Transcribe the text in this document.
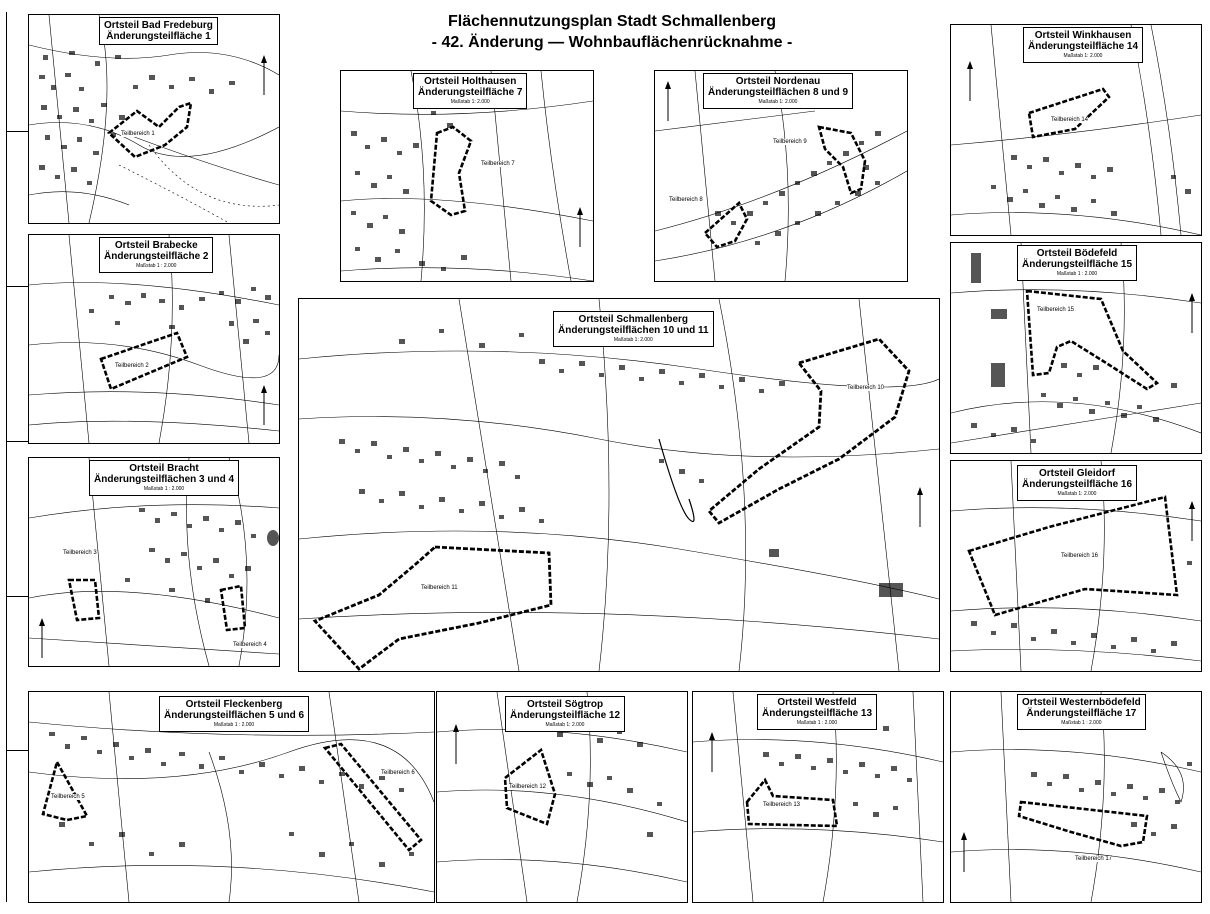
Flächennutzungsplan Stadt Schmallenberg
- 42. Änderung — Wohnbauflächenrücknahme -
Ortsteil Bad Fredeburg
Änderungsteilfläche 1
Teilbereich 1
Ortsteil Brabecke
Änderungsteilfläche 2
Maßstab 1 : 2.000
Teilbereich 2
Ortsteil Bracht
Änderungsteilflächen 3 und 4
Maßstab 1 : 2.000
Teilbereich 3
Teilbereich 4
Ortsteil Fleckenberg
Änderungsteilflächen 5 und 6
Maßstab 1 : 2.000
Teilbereich 5
Teilbereich 6
Ortsteil Holthausen
Änderungsteilfläche 7
Maßstab 1: 2.000
Teilbereich 7
Ortsteil Nordenau
Änderungsteilflächen 8 und 9
Maßstab 1: 2.000
Teilbereich 8
Teilbereich 9
Ortsteil Schmallenberg
Änderungsteilflächen 10 und 11
Maßstab 1: 2.000
Teilbereich 10
Teilbereich 11
Ortsteil Sögtrop
Änderungsteilfläche 12
Maßstab 1: 2.000
Teilbereich 12
Ortsteil Westfeld
Änderungsteilfläche 13
Maßstab 1 : 2.000
Teilbereich 13
Ortsteil Winkhausen
Änderungsteilfläche 14
Maßstab 1: 2.000
Teilbereich 14
Ortsteil Bödefeld
Änderungsteilfläche 15
Maßstab 1 : 2.000
Teilbereich 15
Ortsteil Gleidorf
Änderungsteilfläche 16
Maßstab 1: 2.000
Teilbereich 16
Ortsteil Westernbödefeld
Änderungsteilfläche 17
Maßstab 1 : 2.000
Teilbereich 17
